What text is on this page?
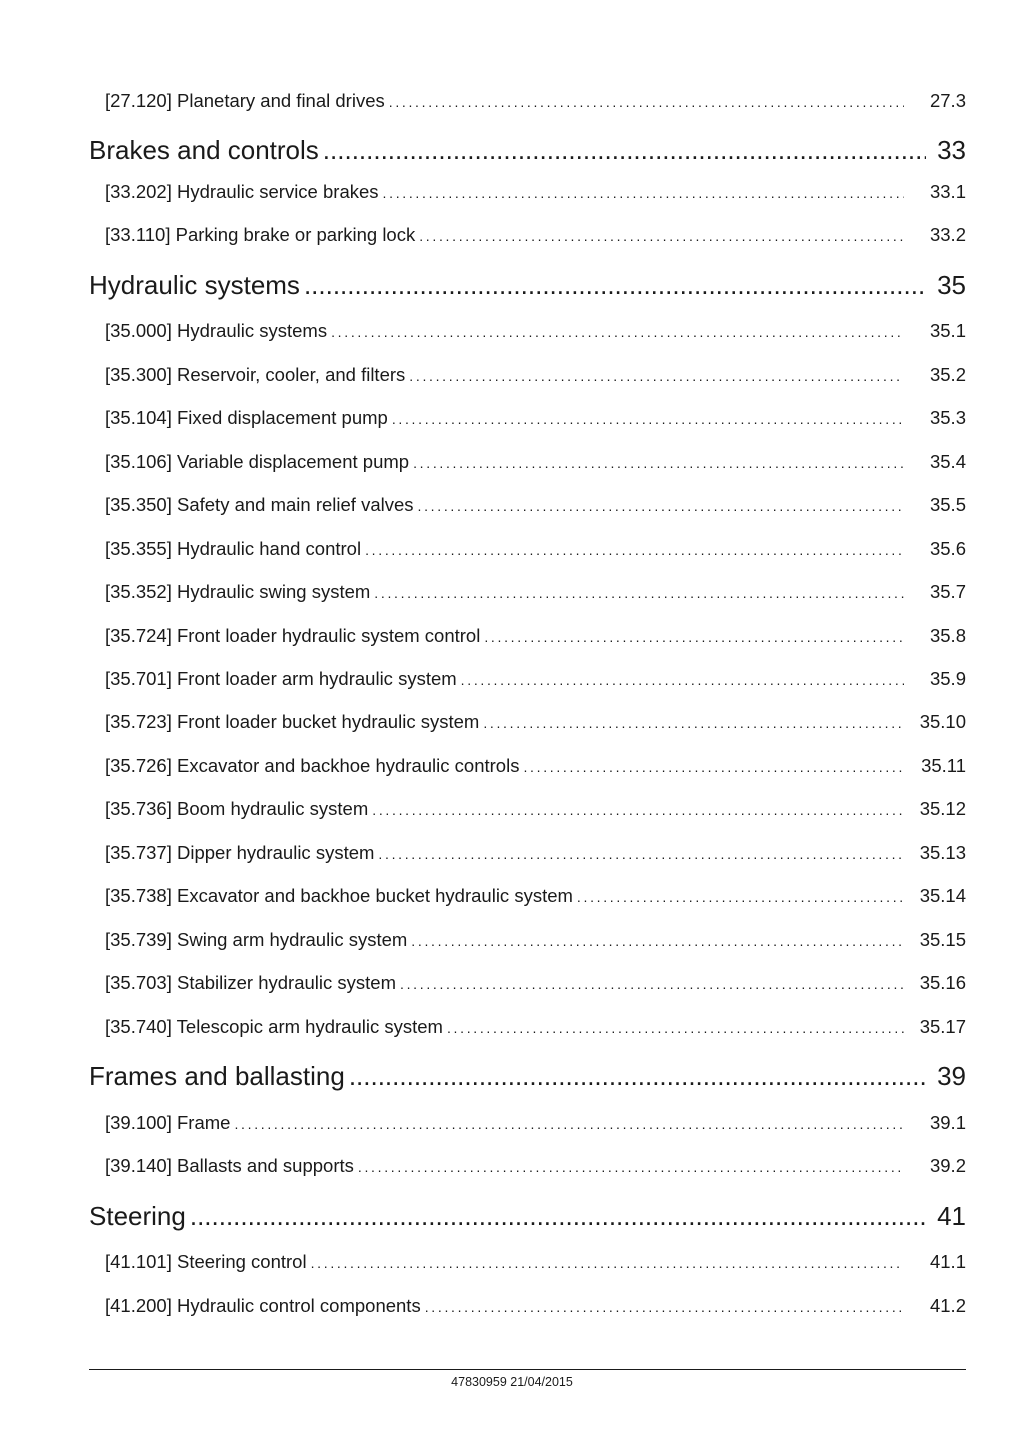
[27.120] Planetary and final drives . . .	27.3
Brakes and controls .....	33
[33.202] Hydraulic service brakes . . .	33.1
[33.110] Parking brake or parking lock . . .	33.2
Hydraulic systems .....	35
[35.000] Hydraulic systems . . .	35.1
[35.300] Reservoir, cooler, and filters . . .	35.2
[35.104] Fixed displacement pump . . .	35.3
[35.106] Variable displacement pump . . .	35.4
[35.350] Safety and main relief valves . . .	35.5
[35.355] Hydraulic hand control . . .	35.6
[35.352] Hydraulic swing system . . .	35.7
[35.724] Front loader hydraulic system control . . .	35.8
[35.701] Front loader arm hydraulic system . . .	35.9
[35.723] Front loader bucket hydraulic system . . .	35.10
[35.726] Excavator and backhoe hydraulic controls . . .	35.11
[35.736] Boom hydraulic system . . .	35.12
[35.737] Dipper hydraulic system . . .	35.13
[35.738] Excavator and backhoe bucket hydraulic system . . .	35.14
[35.739] Swing arm hydraulic system . . .	35.15
[35.703] Stabilizer hydraulic system . . .	35.16
[35.740] Telescopic arm hydraulic system . . .	35.17
Frames and ballasting .....	39
[39.100] Frame . . .	39.1
[39.140] Ballasts and supports . . .	39.2
Steering .....	41
[41.101] Steering control . . .	41.1
[41.200] Hydraulic control components . . .	41.2
47830959 21/04/2015
